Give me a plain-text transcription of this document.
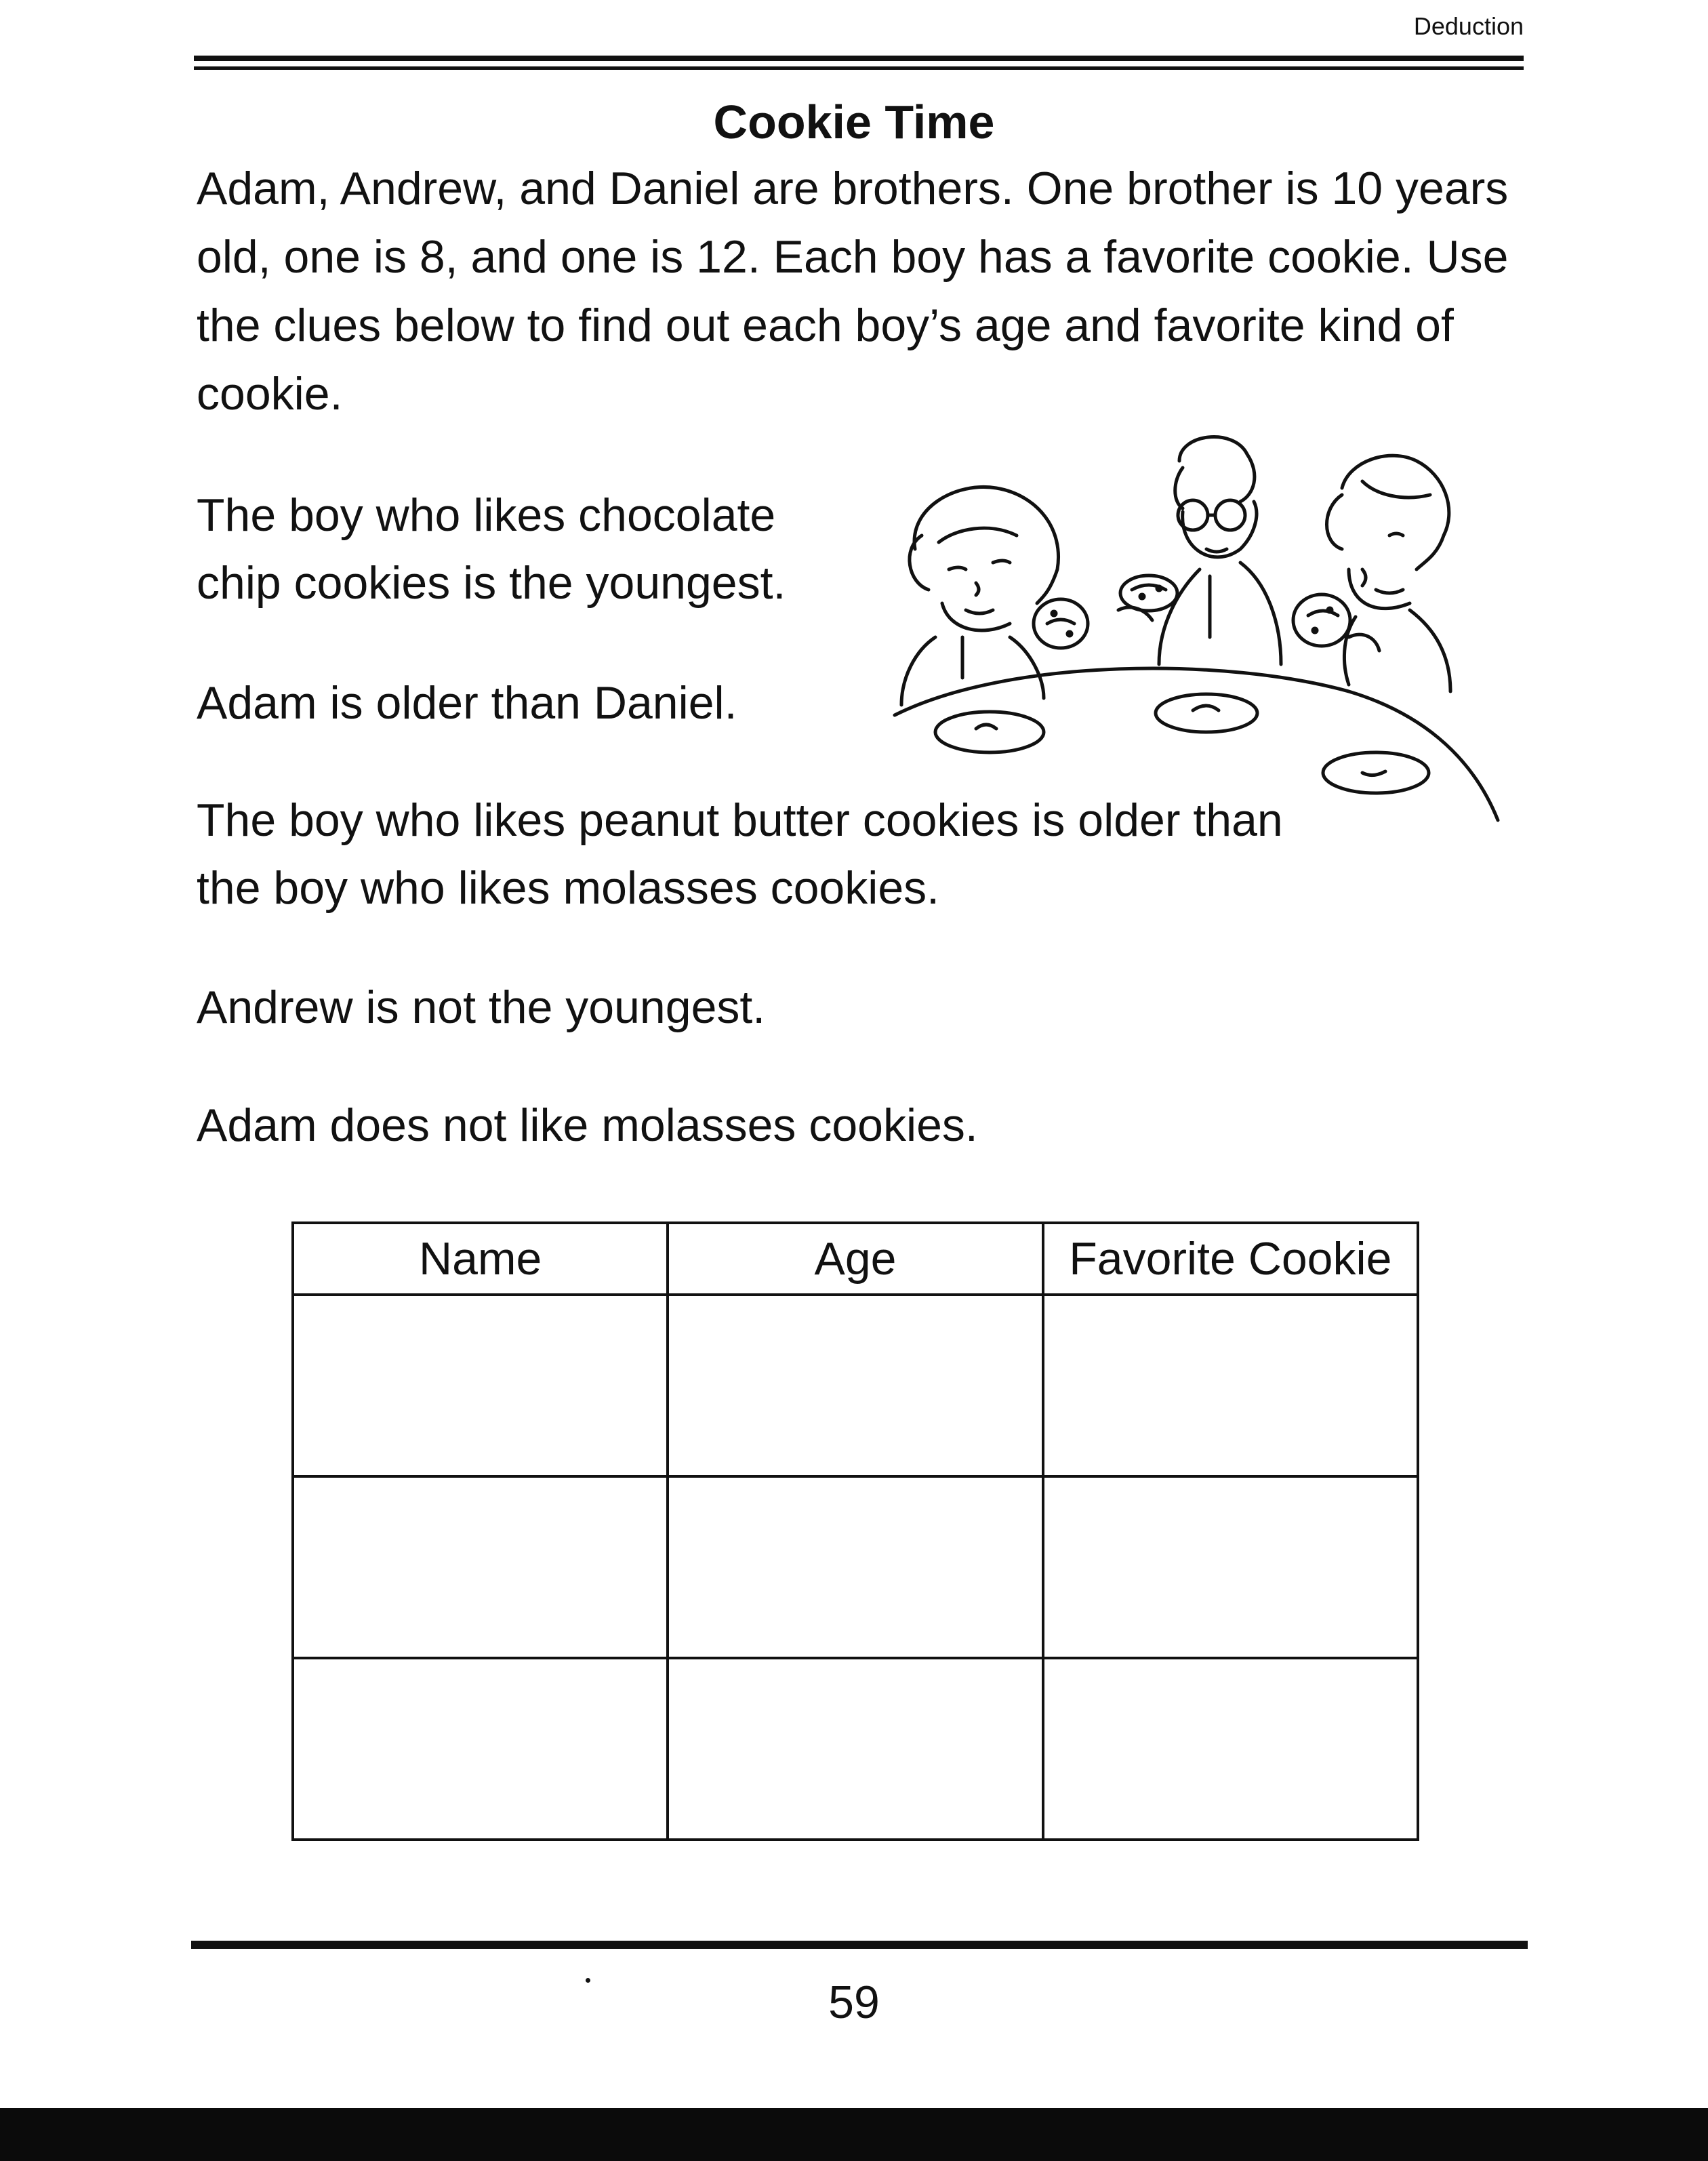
Deduction
Cookie Time
Adam, Andrew, and Daniel are brothers. One brother is 10 years old, one is 8, and one is 12. Each boy has a favorite cookie. Use the clues below to find out each boy’s age and favorite kind of cookie.
The boy who likes chocolate chip cookies is the youngest.
Adam is older than Daniel.
The boy who likes peanut butter cookies is older than the boy who likes molasses cookies.
Andrew is not the youngest.
Adam does not like molasses cookies.
Name	Age	Favorite Cookie

59
